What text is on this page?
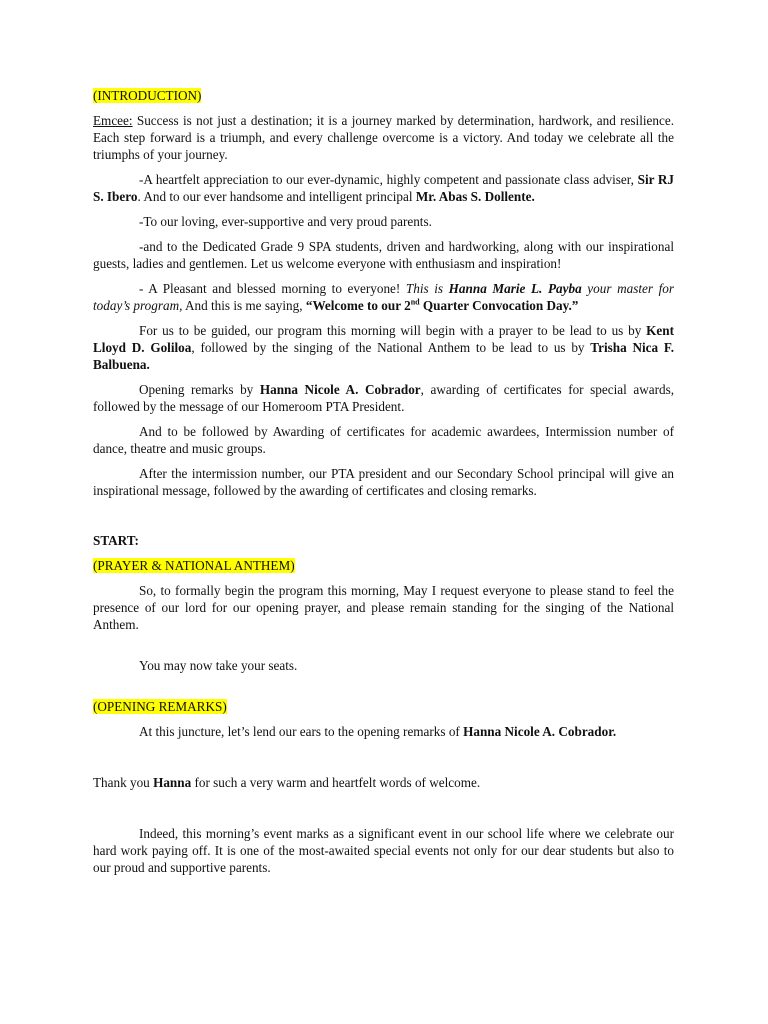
(INTRODUCTION)

Emcee: Success is not just a destination; it is a journey marked by determination, hardwork, and resilience. Each step forward is a triumph, and every challenge overcome is a victory. And today we celebrate all the triumphs of your journey.

-A heartfelt appreciation to our ever-dynamic, highly competent and passionate class adviser, Sir RJ S. Ibero. And to our ever handsome and intelligent principal Mr. Abas S. Dollente.

-To our loving, ever-supportive and very proud parents.

-and to the Dedicated Grade 9 SPA students, driven and hardworking, along with our inspirational guests, ladies and gentlemen. Let us welcome everyone with enthusiasm and inspiration!

- A Pleasant and blessed morning to everyone! This is Hanna Marie L. Payba your master for today’s program, And this is me saying, “Welcome to our 2nd Quarter Convocation Day.”

For us to be guided, our program this morning will begin with a prayer to be lead to us by Kent Lloyd D. Goliloa, followed by the singing of the National Anthem to be lead to us by Trisha Nica F. Balbuena.

Opening remarks by Hanna Nicole A. Cobrador, awarding of certificates for special awards, followed by the message of our Homeroom PTA President.

And to be followed by Awarding of certificates for academic awardees, Intermission number of dance, theatre and music groups.

After the intermission number, our PTA president and our Secondary School principal will give an inspirational message, followed by the awarding of certificates and closing remarks.

START:
(PRAYER & NATIONAL ANTHEM)

So, to formally begin the program this morning, May I request everyone to please stand to feel the presence of our lord for our opening prayer, and please remain standing for the singing of the National Anthem.

You may now take your seats.

(OPENING REMARKS)

At this juncture, let’s lend our ears to the opening remarks of Hanna Nicole A. Cobrador.

Thank you Hanna for such a very warm and heartfelt words of welcome.

Indeed, this morning’s event marks as a significant event in our school life where we celebrate our hard work paying off. It is one of the most-awaited special events not only for our dear students but also to our proud and supportive parents.
